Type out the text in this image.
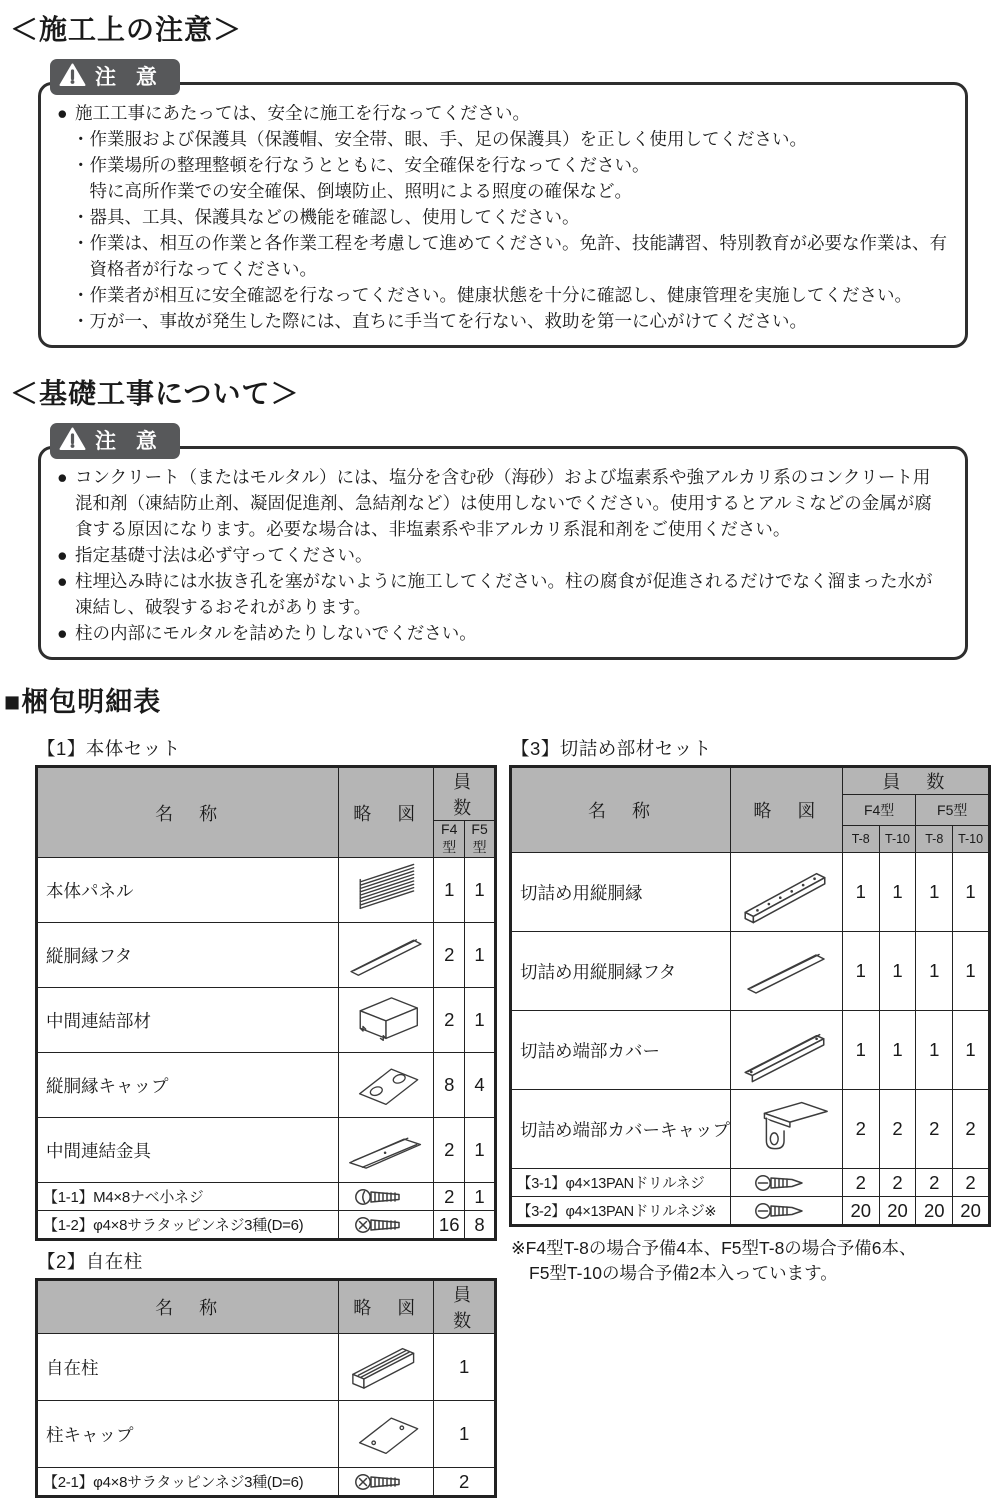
＜施工上の注意＞
注 意
● 施工工事にあたっては、安全に施工を行なってください。
・ 作業服および保護具（保護帽、安全帯、眼、手、足の保護具）を正しく使用してください。
・ 作業場所の整理整頓を行なうとともに、安全確保を行なってください。
特に高所作業での安全確保、倒壊防止、照明による照度の確保など。
・ 器具、工具、保護具などの機能を確認し、使用してください。
・ 作業は、相互の作業と各作業工程を考慮して進めてください。免許、技能講習、特別教育が必要な作業は、有資格者が行なってください。
・ 作業者が相互に安全確認を行なってください。健康状態を十分に確認し、健康管理を実施してください。
・ 万が一、事故が発生した際には、直ちに手当てを行ない、救助を第一に心がけてください。
＜基礎工事について＞
注 意
● コンクリート（またはモルタル）には、塩分を含む砂（海砂）および塩素系や強アルカリ系のコンクリート用混和剤（凍結防止剤、凝固促進剤、急結剤など）は使用しないでください。使用するとアルミなどの金属が腐食する原因になります。必要な場合は、非塩素系や非アルカリ系混和剤をご使用ください。
● 指定基礎寸法は必ず守ってください。
● 柱埋込み時には水抜き孔を塞がないように施工してください。柱の腐食が促進されるだけでなく溜まった水が凍結し、破裂するおそれがあります。
● 柱の内部にモルタルを詰めたりしないでください。
■梱包明細表
【1】本体セット
名　称	略　図	員　数	
		F4型	F5型
本体パネル		1	1
縦胴縁フタ		2	1
中間連結部材		2	1
縦胴縁キャップ		8	4
中間連結金具		2	1
【1-1】M4×8ナベ小ネジ		2	1
【1-2】φ4×8サラタッピンネジ3種(D=6)		16	8
【2】自在柱
名　称	略　図	員　数
自在柱		1
柱キャップ		1
【2-1】φ4×8サラタッピンネジ3種(D=6)		2
【3】切詰め部材セット
名　称	略　図	員　数			
		F4型		F5型	
		T-8	T-10	T-8	T-10
切詰め用縦胴縁		1	1	1	1
切詰め用縦胴縁フタ		1	1	1	1
切詰め端部カバー		1	1	1	1
切詰め端部カバーキャップ		2	2	2	2
【3-1】φ4×13PANドリルネジ		2	2	2	2
【3-2】φ4×13PANドリルネジ※		20	20	20	20
※F4型T-8の場合予備4本、F5型T-8の場合予備6本、
F5型T-10の場合予備2本入っています。
